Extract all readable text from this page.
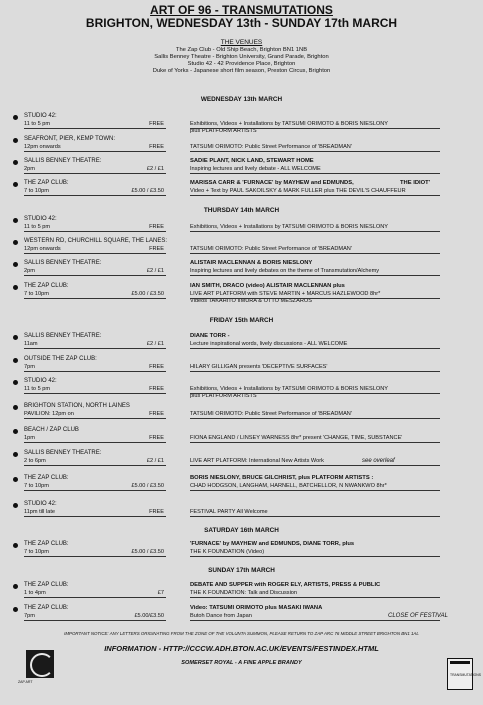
ART OF 96 - TRANSMUTATIONS
BRIGHTON, WEDNESDAY 13th - SUNDAY 17th MARCH
THE VENUES
The Zap Club - Old Ship Beach, Brighton BN1 1NB
Sallis Benney Theatre - Brighton University, Grand Parade, Brighton
Studio 42 - 42 Providence Place, Brighton
Duke of Yorks - Japanese short film season, Preston Circus, Brighton
WEDNESDAY 13th MARCH
STUDIO 42:
11 to 5 pm	FREE	Exhibitions, Videos + Installations by TATSUMI ORIMOTO & BORIS NIESLONY
plus PLATFORM ARTISTS
SEAFRONT, PIER, KEMP TOWN:
12pm onwards	FREE	TATSUMI ORIMOTO: Public Street Performance of 'BREADMAN'
SALLIS BENNEY THEATRE:
2pm	£2 / £1
SADIE PLANT, NICK LAND, STEWART HOME
Inspiring lectures and lively debate - ALL WELCOME
THE ZAP CLUB:
7 to 10pm	£5.00 / £3.50
MARISSA CARR & 'FURNACE' by MAYHEW and EDMUNDS,	THE IDIOT'
Video + Text by PAUL SAKOILSKY & MARK FULLER plus THE DEVIL'S CHAUFFEUR
THURSDAY 14th MARCH
STUDIO 42:
11 to 5 pm	FREE	Exhibitions, Videos + Installations by TATSUMI ORIMOTO & BORIS NIESLONY
WESTERN RD, CHURCHILL SQUARE, THE LANES:
12pm onwards	FREE	TATSUMI ORIMOTO: Public Street Performance of 'BREADMAN'
SALLIS BENNEY THEATRE:
2pm	£2 / £1
ALISTAIR MACLENNAN & BORIS NIESLONY
Inspiring lectures and lively debates on the theme of Transmutation/Alchemy
THE ZAP CLUB:
7 to 10pm	£5.00 / £3.50
IAN SMITH, DRACO (video) ALISTAIR MACLENNAN plus
LIVE ART PLATFORM with STEVE MARTIN + MARCUS HAZLEWOOD 8hr*
Videos TAKAHITO IIMURA & OTTO MESZAROS
FRIDAY 15th MARCH
SALLIS BENNEY THEATRE:
11am	£2 / £1
DIANE TORR -
Lecture inspirational words, lively discussions - ALL WELCOME
OUTSIDE THE ZAP CLUB:
7pm	FREE	HILARY GILLIGAN presents 'DECEPTIVE SURFACES'
STUDIO 42:
11 to 5 pm	FREE	Exhibitions, Videos + Installations by TATSUMI ORIMOTO & BORIS NIESLONY
plus PLATFORM ARTISTS
BRIGHTON STATION, NORTH LAINES
PAVILION: 12pm on	FREE	TATSUMI ORIMOTO: Public Street Performance of 'BREADMAN'
BEACH / ZAP CLUB
1pm	FREE	FIONA ENGLAND / LINSEY WARNESS 8hr* present 'CHANGE, TIME, SUBSTANCE'
SALLIS BENNEY THEATRE:
2 to 6pm	£2 / £1	LIVE ART PLATFORM: International New Artists Work	see overleaf
THE ZAP CLUB:
7 to 10pm	£5.00 / £3.50
BORIS NIESLONY, BRUCE GILCHRIST, plus PLATFORM ARTISTS :
CHAD HODGSON, LANGHAM, HARNELL, BATCHELLOR, N NWANKWO 8hr*
STUDIO 42:
11pm till late	FREE	FESTIVAL PARTY All Welcome
SATURDAY 16th MARCH
THE ZAP CLUB:
7 to 10pm	£5.00 / £3.50
'FURNACE' by MAYHEW and EDMUNDS, DIANE TORR, plus
THE K FOUNDATION (Video)
SUNDAY 17th MARCH
THE ZAP CLUB:
1 to 4pm	£7
DEBATE AND SUPPER with ROGER ELY, ARTISTS, PRESS & PUBLIC
THE K FOUNDATION: Talk and Discussion
THE ZAP CLUB:
7pm	£5.00/£3.50
Video: TATSUMI ORIMOTO plus MASAKI IWANA
Butoh Dance from Japan	CLOSE OF FESTIVAL
IMPORTANT NOTICE: ANY LETTERS ORIGINATING FROM THE ZONE OF THE VOLUNTA SUMMON, PLEASE RETURN TO ZAP ARC 76 MIDDLE STREET BRIGHTON BN1 1AL
INFORMATION - HTTP://CCCW.ADH.BTON.AC.UK/EVENTS/FESTINDEX.HTML
SOMERSET ROYAL - A FINE APPLE BRANDY
ZAP ART
TRANSMUTATIONS
